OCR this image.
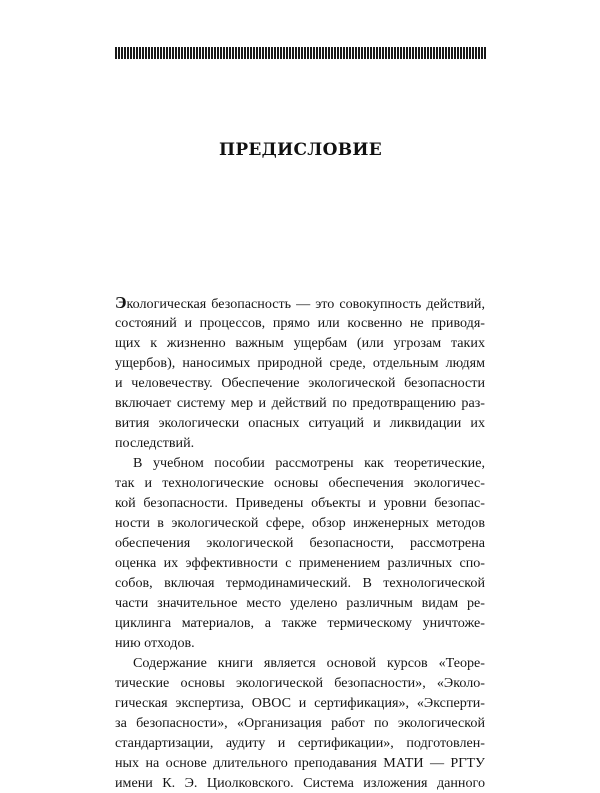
ПРЕДИСЛОВИЕ
Экологическая безопасность — это совокупность действий,
состояний и процессов, прямо или косвенно не приводя-
щих к жизненно важным ущербам (или угрозам таких
ущербов), наносимых природной среде, отдельным людям
и человечеству. Обеспечение экологической безопасности
включает систему мер и действий по предотвращению раз-
вития экологически опасных ситуаций и ликвидации их
последствий.
В учебном пособии рассмотрены как теоретические,
так и технологические основы обеспечения экологичес-
кой безопасности. Приведены объекты и уровни безопас-
ности в экологической сфере, обзор инженерных методов
обеспечения экологической безопасности, рассмотрена
оценка их эффективности с применением различных спо-
собов, включая термодинамический. В технологической
части значительное место уделено различным видам ре-
циклинга материалов, а также термическому уничтоже-
нию отходов.
Содержание книги является основой курсов «Теоре-
тические основы экологической безопасности», «Эколо-
гическая экспертиза, ОВОС и сертификация», «Эксперти-
за безопасности», «Организация работ по экологической
стандартизации, аудиту и сертификации», подготовлен-
ных на основе длительного преподавания МАТИ — РГТУ
имени К. Э. Циолковского. Система изложения данного
